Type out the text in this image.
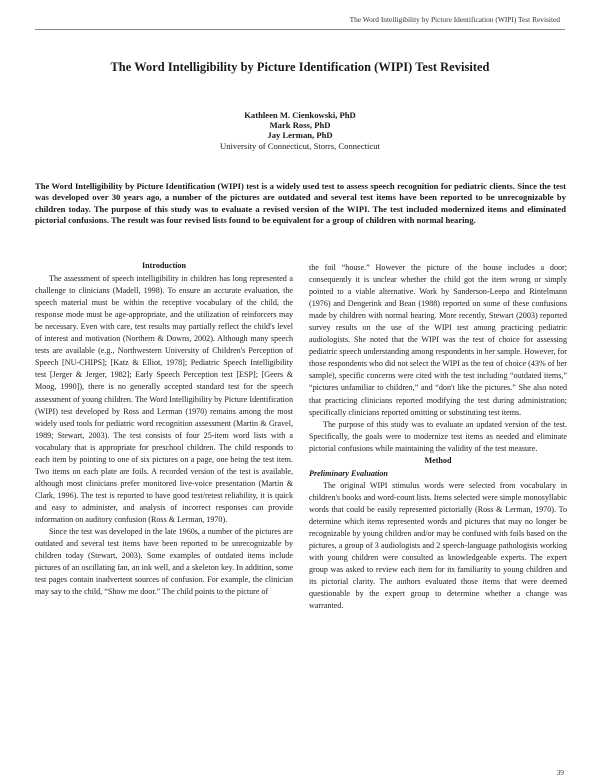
The Word Intelligibility by Picture Identification (WIPI) Test Revisited
The Word Intelligibility by Picture Identification (WIPI) Test Revisited
Kathleen M. Cienkowski, PhD
Mark Ross, PhD
Jay Lerman, PhD
University of Connecticut, Storrs, Connecticut
The Word Intelligibility by Picture Identification (WIPI) test is a widely used test to assess speech recognition for pediatric clients. Since the test was developed over 30 years ago, a number of the pictures are outdated and several test items have been reported to be unrecognizable by children today. The purpose of this study was to evaluate a revised version of the WIPI. The test included modernized items and eliminated pictorial confusions. The result was four revised lists found to be equivalent for a group of children with normal hearing.
Introduction

The assessment of speech intelligibility in children has long represented a challenge to clinicians (Madell, 1998). To ensure an accurate evaluation, the speech material must be within the receptive vocabulary of the child, the response mode must be age-appropriate, and the utilization of reinforcers may be necessary. Even with care, test results may partially reflect the child's level of interest and motivation (Northern & Downs, 2002). Although many speech tests are available (e.g., Northwestern University of Children's Perception of Speech [NU-CHIPS]; [Katz & Elliot, 1978]; Pediatric Speech Intelligibility test [Jerger & Jerger, 1982]; Early Speech Perception test [ESP]; [Geers & Moog, 1990]), there is no generally accepted standard test for the speech assessment of young children. The Word Intelligibility by Picture Identification (WIPI) test developed by Ross and Lerman (1970) remains among the most widely used tools for pediatric word recognition assessment (Martin & Gravel, 1989; Stewart, 2003). The test consists of four 25-item word lists with a vocabulary that is appropriate for preschool children. The child responds to each item by pointing to one of six pictures on a page, one being the test item. Two items on each plate are foils. A recorded version of the test is available, although most clinicians prefer monitored live-voice presentation (Martin & Clark, 1996). The test is reported to have good test/retest reliability, it is quick and easy to administer, and analysis of incorrect responses can provide information on auditory confusion (Ross & Lerman, 1970).

Since the test was developed in the late 1960s, a number of the pictures are outdated and several test items have been reported to be unrecognizable by children today (Stewart, 2003). Some examples of outdated items include pictures of an oscillating fan, an ink well, and a skeleton key. In addition, some test pages contain inadvertent sources of confusion. For example, the clinician may say to the child, “Show me door.” The child points to the picture of

the foil “house.” However the picture of the house includes a door; consequently it is unclear whether the child got the item wrong or simply pointed to a viable alternative. Work by Sanderson-Leepa and Rintelmann (1976) and Dengerink and Bean (1988) reported on some of these confusions made by children with normal hearing. More recently, Stewart (2003) reported survey results on the use of the WIPI test among practicing pediatric audiologists. She noted that the WIPI was the test of choice for assessing pediatric speech understanding among respondents in her sample. However, for those respondents who did not select the WIPI as the test of choice (43% of her sample), specific concerns were cited with the test including “outdated items,” “pictures unfamiliar to children,” and “don't like the pictures.” She also noted that practicing clinicians reported modifying the test during administration; specifically clinicians reported omitting or substituting test items.

The purpose of this study was to evaluate an updated version of the test. Specifically, the goals were to modernize test items as needed and eliminate pictorial confusions while maintaining the validity of the test measure.

Method
Preliminary Evaluation

The original WIPI stimulus words were selected from vocabulary in children's books and word-count lists. Items selected were simple monosyllabic words that could be easily represented pictorially (Ross & Lerman, 1970). To determine which items represented words and pictures that may no longer be recognizable by young children and/or may be confused with foils based on the pictures, a group of 3 audiologists and 2 speech-language pathologists working with young children were consulted as knowledgeable experts. The expert group was asked to review each item for its familiarity to young children and its pictorial clarity. The authors evaluated those items that were deemed questionable by the expert group to determine whether a change was warranted.

39
